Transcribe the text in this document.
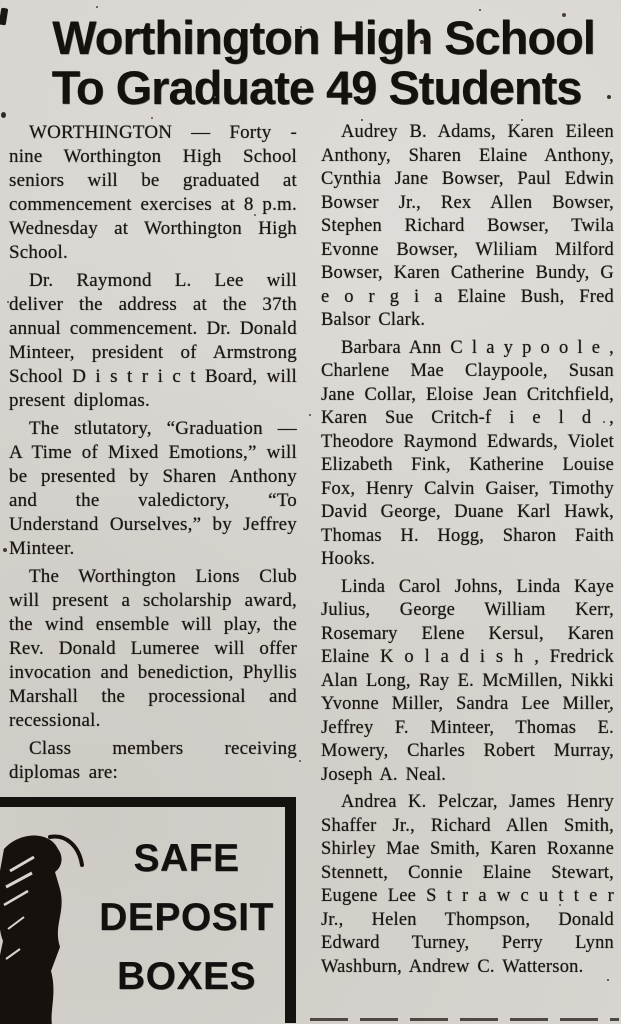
Worthington High School
To Graduate 49 Students

WORTHINGTON — Forty - nine Worthington High School seniors will be graduated at commencement exercises at 8 p.m. Wednesday at Worthington High School.

Dr. Raymond L. Lee will deliver the address at the 37th annual commencement. Dr. Donald Minteer, president of Armstrong School D i s t r i c t Board, will present diplomas.

The stlutatory, “Graduation — A Time of Mixed Emotions,” will be presented by Sharen Anthony and the valedictory, “To Understand Ourselves,” by Jeffrey Minteer.

The Worthington Lions Club will present a scholarship award, the wind ensemble will play, the Rev. Donald Lumeree will offer invocation and benediction, Phyllis Marshall the processional and recessional.

Class members receiving diplomas are:

SAFE
DEPOSIT
BOXES

Audrey B. Adams, Karen Eileen Anthony, Sharen Elaine Anthony, Cynthia Jane Bowser, Paul Edwin Bowser Jr., Rex Allen Bowser, Stephen Richard Bowser, Twila Evonne Bowser, Wliliam Milford Bowser, Karen Catherine Bundy, G e o r g i a Elaine Bush, Fred Balsor Clark.

Barbara Ann C l a y p o o l e , Charlene Mae Claypoole, Susan Jane Collar, Eloise Jean Critchfield, Karen Sue Critch-f i e l d , Theodore Raymond Edwards, Violet Elizabeth Fink, Katherine Louise Fox, Henry Calvin Gaiser, Timothy David George, Duane Karl Hawk, Thomas H. Hogg, Sharon Faith Hooks.

Linda Carol Johns, Linda Kaye Julius, George William Kerr, Rosemary Elene Kersul, Karen Elaine K o l a d i s h , Fredrick Alan Long, Ray E. McMillen, Nikki Yvonne Miller, Sandra Lee Miller, Jeffrey F. Minteer, Thomas E. Mowery, Charles Robert Murray, Joseph A. Neal.

Andrea K. Pelczar, James Henry Shaffer Jr., Richard Allen Smith, Shirley Mae Smith, Karen Roxanne Stennett, Connie Elaine Stewart, Eugene Lee S t r a w c u t t e r Jr., Helen Thompson, Donald Edward Turney, Perry Lynn Washburn, Andrew C. Watterson.
